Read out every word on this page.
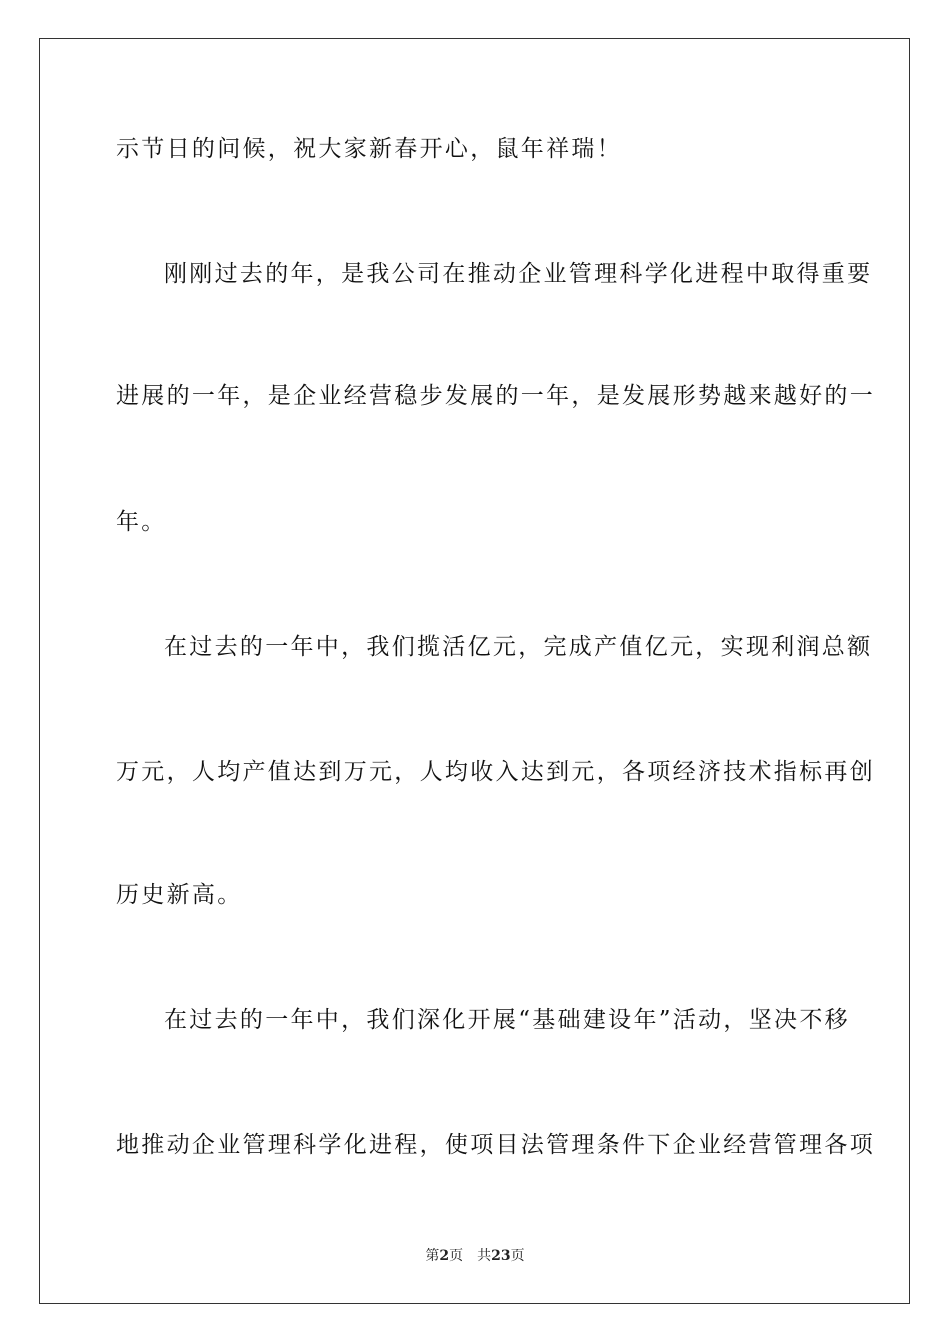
示节日的问候，祝大家新春开心，鼠年祥瑞！
刚刚过去的年，是我公司在推动企业管理科学化进程中取得重要
进展的一年，是企业经营稳步发展的一年，是发展形势越来越好的一
年。
在过去的一年中，我们揽活亿元，完成产值亿元，实现利润总额
万元，人均产值达到万元，人均收入达到元，各项经济技术指标再创
历史新高。
在过去的一年中，我们深化开展“基础建设年”活动，坚决不移
地推动企业管理科学化进程，使项目法管理条件下企业经营管理各项
第2页 共23页
